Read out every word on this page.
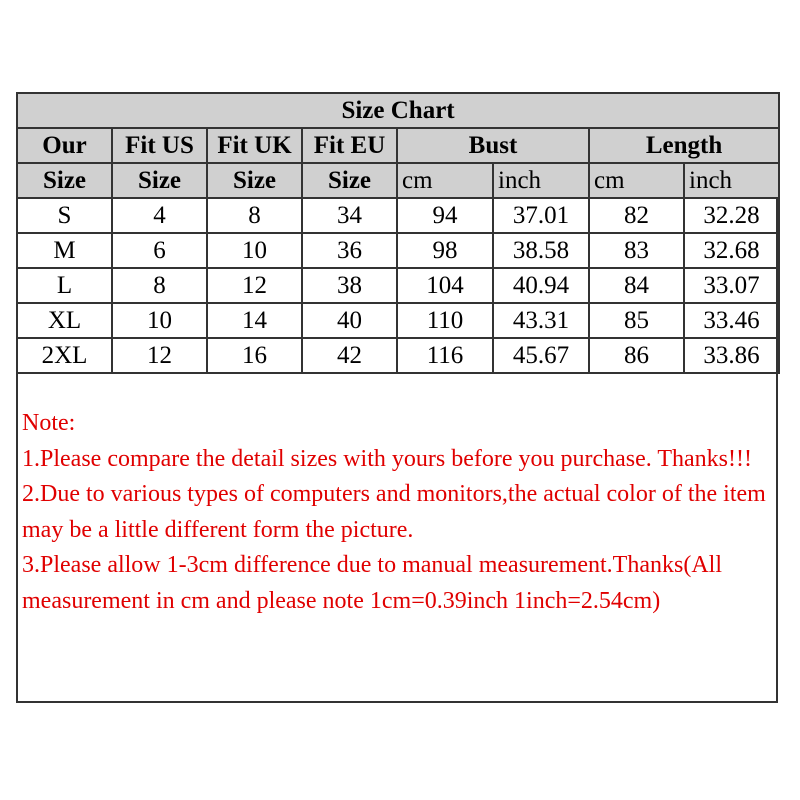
Size Chart							
Our	Fit US	Fit UK	Fit EU	Bust		Length	
Size	Size	Size	Size	cm	inch	cm	inch
S	4	8	34	94	37.01	82	32.28
M	6	10	36	98	38.58	83	32.68
L	8	12	38	104	40.94	84	33.07
XL	10	14	40	110	43.31	85	33.46
2XL	12	16	42	116	45.67	86	33.86

Note:

1.Please compare the detail sizes with yours before you purchase. Thanks!!!

2.Due to various types of computers and monitors,the actual color of the item may be a little different form the picture.

3.Please allow 1-3cm difference due to manual measurement.Thanks(All measurement in cm and please note 1cm=0.39inch 1inch=2.54cm)
